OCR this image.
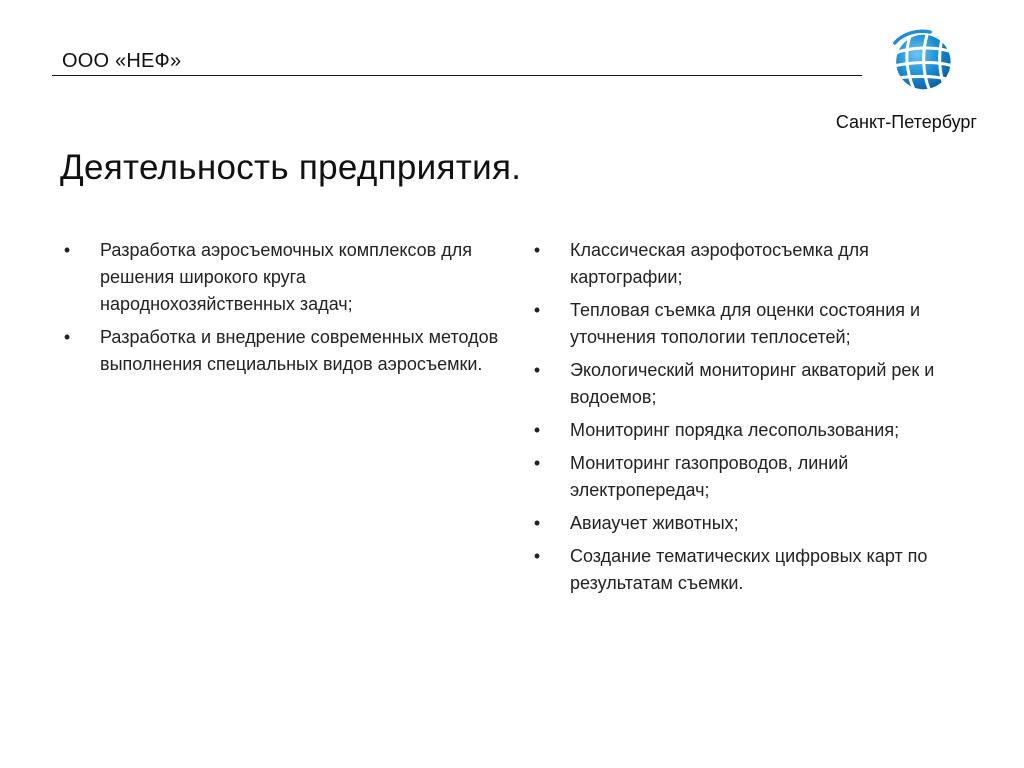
ООО «НЕФ»
Санкт-Петербург
Деятельность предприятия.
• Разработка аэросъемочных комплексов для решения широкого круга народнохозяйственных задач;
• Разработка и внедрение современных методов выполнения специальных видов аэросъемки.
• Классическая аэрофотосъемка для картографии;
• Тепловая съемка для оценки состояния и уточнения топологии теплосетей;
• Экологический мониторинг акваторий рек и водоемов;
• Мониторинг порядка лесопользования;
• Мониторинг газопроводов, линий электропередач;
• Авиаучет животных;
• Создание тематических цифровых карт по результатам съемки.
